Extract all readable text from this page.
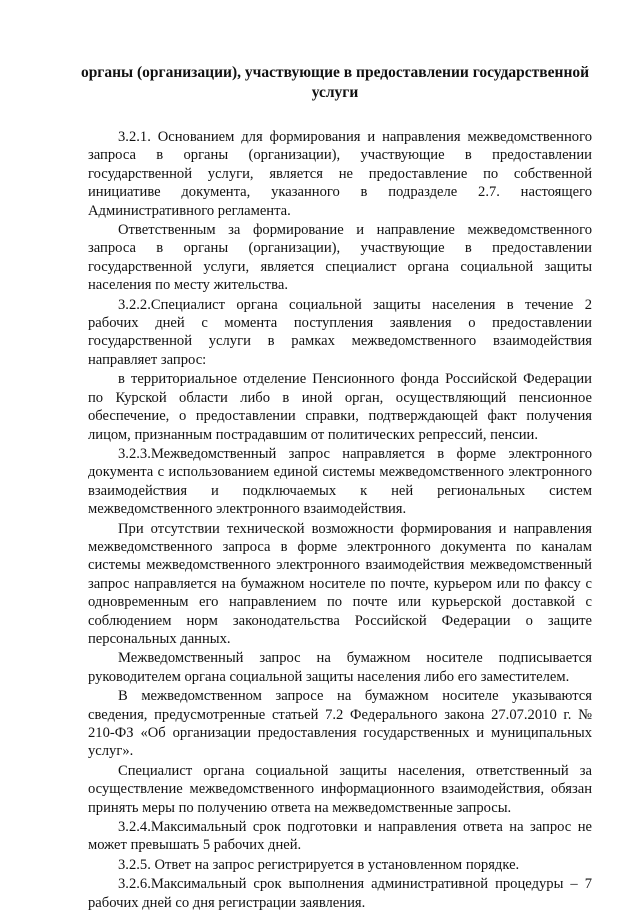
органы (организации), участвующие в предоставлении государственной услуги

3.2.1. Основанием для формирования и направления межведомственного запроса в органы (организации), участвующие в предоставлении государственной услуги, является не предоставление по собственной инициативе документа, указанного в подразделе 2.7. настоящего Административного регламента.

Ответственным за формирование и направление межведомственного запроса в органы (организации), участвующие в предоставлении государственной услуги, является специалист органа социальной защиты населения по месту жительства.

3.2.2.Специалист органа социальной защиты населения в течение 2 рабочих дней с момента поступления заявления о предоставлении государственной услуги в рамках межведомственного взаимодействия направляет запрос:

в территориальное отделение Пенсионного фонда Российской Федерации по Курской области либо в иной орган, осуществляющий пенсионное обеспечение, о предоставлении справки, подтверждающей факт получения лицом, признанным пострадавшим от политических репрессий, пенсии.

3.2.3.Межведомственный запрос направляется в форме электронного документа с использованием единой системы межведомственного электронного взаимодействия и подключаемых к ней региональных систем межведомственного электронного взаимодействия.

При отсутствии технической возможности формирования и направления межведомственного запроса в форме электронного документа по каналам системы межведомственного электронного взаимодействия межведомственный запрос направляется на бумажном носителе по почте, курьером или по факсу с одновременным его направлением по почте или курьерской доставкой с соблюдением норм законодательства Российской Федерации о защите персональных данных.

Межведомственный запрос на бумажном носителе подписывается руководителем органа социальной защиты населения либо его заместителем.

В межведомственном запросе на бумажном носителе указываются сведения, предусмотренные статьей 7.2 Федерального закона 27.07.2010 г. № 210-ФЗ «Об организации предоставления государственных и муниципальных услуг».

Специалист органа социальной защиты населения, ответственный за осуществление межведомственного информационного взаимодействия, обязан принять меры по получению ответа на межведомственные запросы.

3.2.4.Максимальный срок подготовки и направления ответа на запрос не может превышать 5 рабочих дней.

3.2.5. Ответ на запрос регистрируется в установленном порядке.

3.2.6.Максимальный срок выполнения административной процедуры – 7 рабочих дней со дня регистрации заявления.
